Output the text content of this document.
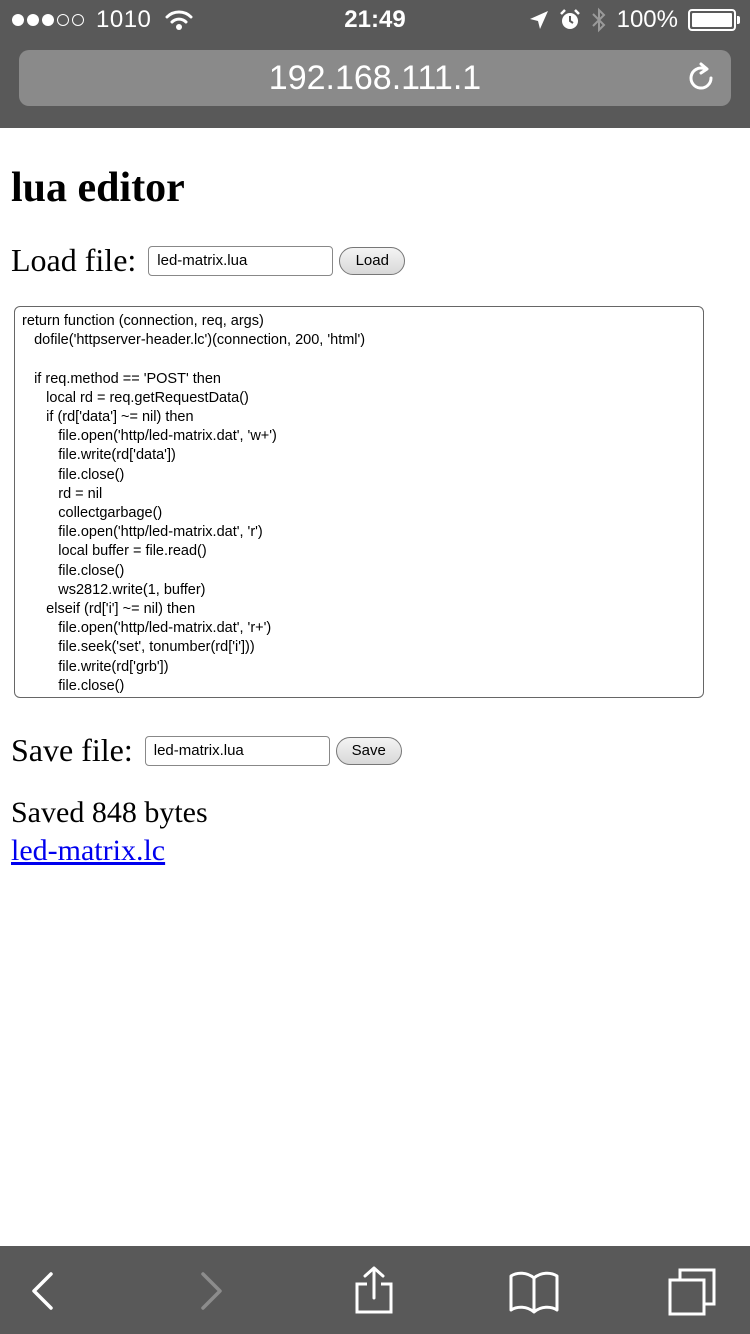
1010	21:49	100%
192.168.111.1
lua editor
Load file:	led-matrix.lua	Load
return function (connection, req, args)
dofile('httpserver-header.lc')(connection, 200, 'html')

if req.method == 'POST' then
local rd = req.getRequestData()
if (rd['data'] ~= nil) then
file.open('http/led-matrix.dat', 'w+')
file.write(rd['data'])
file.close()
rd = nil
collectgarbage()
file.open('http/led-matrix.dat', 'r')
local buffer = file.read()
file.close()
ws2812.write(1, buffer)
elseif (rd['i'] ~= nil) then
file.open('http/led-matrix.dat', 'r+')
file.seek('set', tonumber(rd['i']))
file.write(rd['grb'])
file.close()
Save file:	led-matrix.lua	Save
Saved 848 bytes
led-matrix.lc
